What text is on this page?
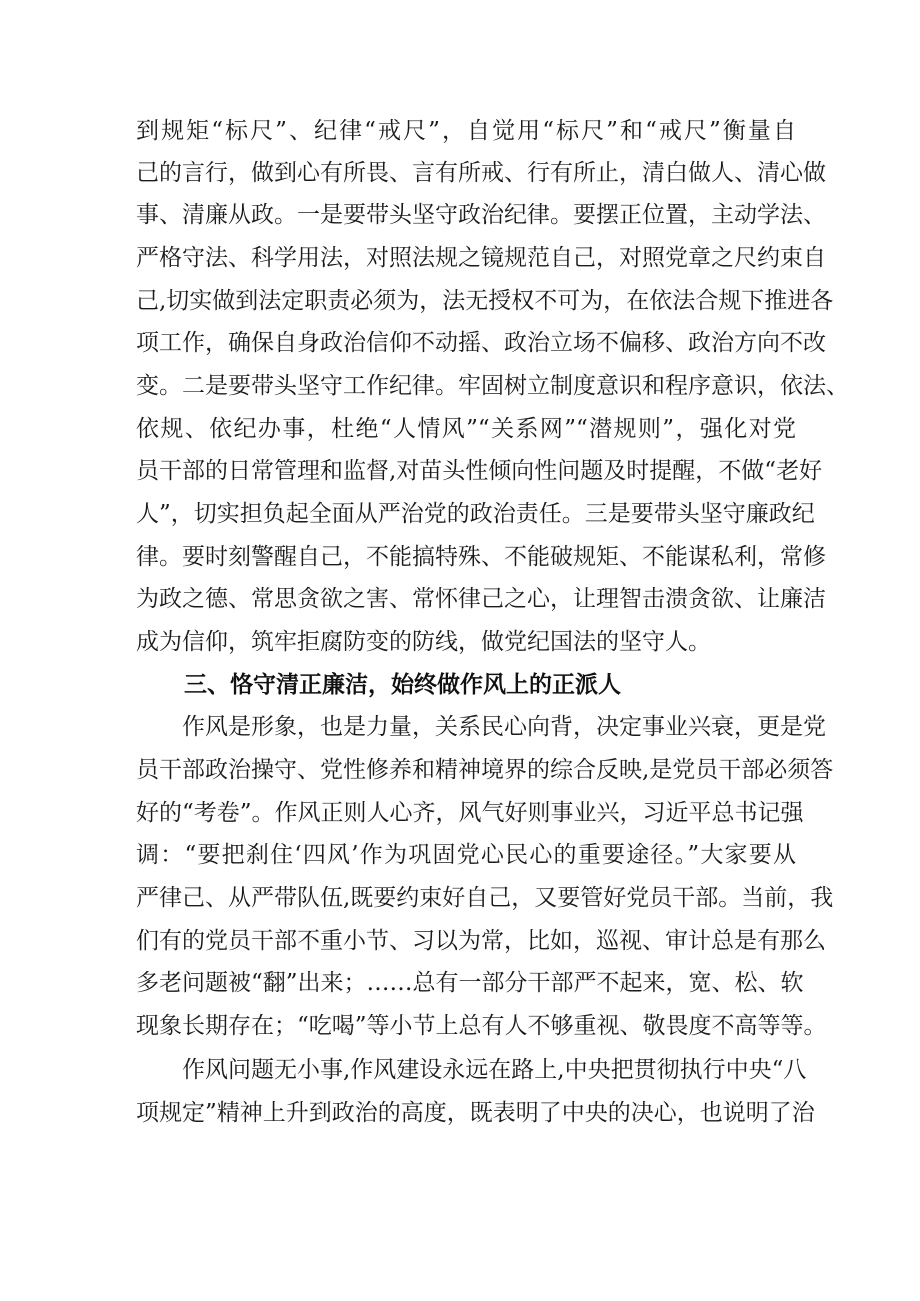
到规矩“标尺”、纪律“戒尺”，自觉用“标尺”和“戒尺”衡量自
己的言行，做到心有所畏、言有所戒、行有所止，清白做人、清心做
事、清廉从政。一是要带头坚守政治纪律。要摆正位置，主动学法、
严格守法、科学用法，对照法规之镜规范自己，对照党章之尺约束自
己,切实做到法定职责必须为，法无授权不可为，在依法合规下推进各
项工作，确保自身政治信仰不动摇、政治立场不偏移、政治方向不改
变。二是要带头坚守工作纪律。牢固树立制度意识和程序意识，依法、
依规、依纪办事，杜绝“人情风”“关系网”“潜规则”，强化对党
员干部的日常管理和监督,对苗头性倾向性问题及时提醒，不做“老好
人”，切实担负起全面从严治党的政治责任。三是要带头坚守廉政纪
律。要时刻警醒自己，不能搞特殊、不能破规矩、不能谋私利，常修
为政之德、常思贪欲之害、常怀律己之心，让理智击溃贪欲、让廉洁
成为信仰，筑牢拒腐防变的防线，做党纪国法的坚守人。
三、恪守清正廉洁，始终做作风上的正派人
作风是形象，也是力量，关系民心向背，决定事业兴衰，更是党
员干部政治操守、党性修养和精神境界的综合反映,是党员干部必须答
好的“考卷”。作风正则人心齐，风气好则事业兴，习近平总书记强
调：“要把刹住‘四风’作为巩固党心民心的重要途径。”大家要从
严律己、从严带队伍,既要约束好自己，又要管好党员干部。当前，我
们有的党员干部不重小节、习以为常，比如，巡视、审计总是有那么
多老问题被“翻”出来；……总有一部分干部严不起来，宽、松、软
现象长期存在；“吃喝”等小节上总有人不够重视、敬畏度不高等等。
作风问题无小事,作风建设永远在路上,中央把贯彻执行中央“八
项规定”精神上升到政治的高度，既表明了中央的决心，也说明了治
